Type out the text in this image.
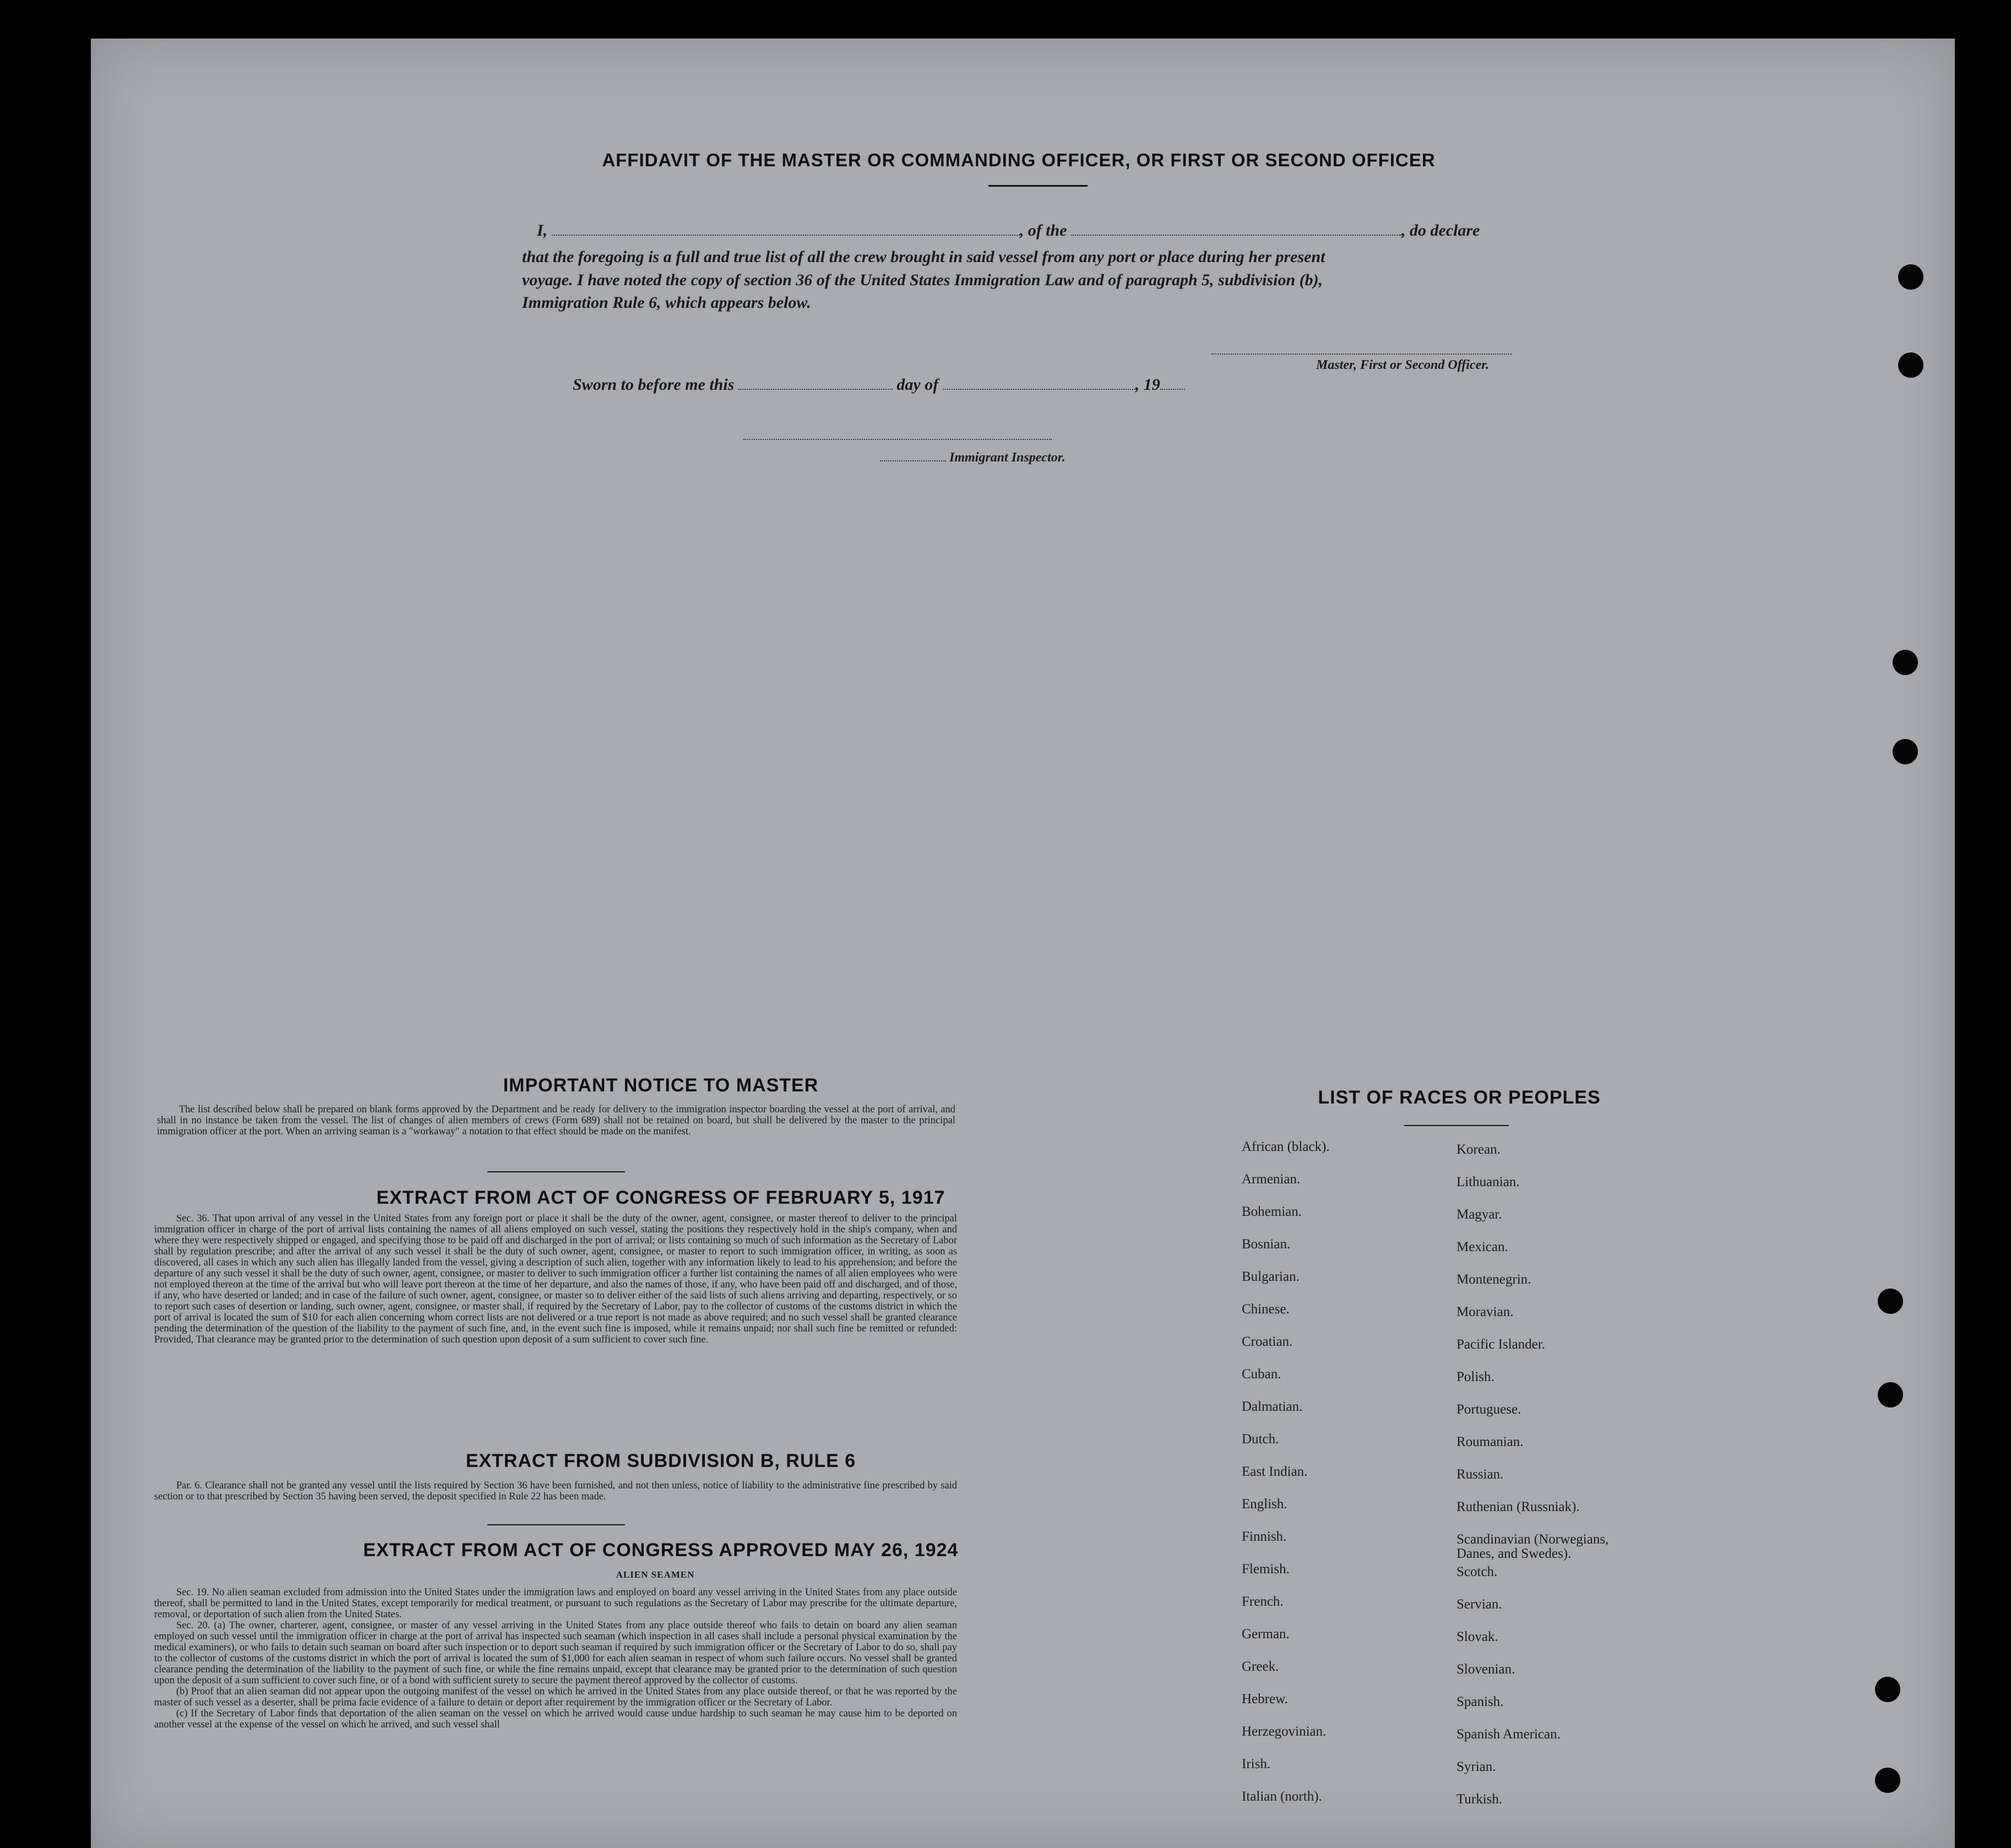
AFFIDAVIT OF THE MASTER OR COMMANDING OFFICER, OR FIRST OR SECOND OFFICER
I,	, of the	, do declare
that the foregoing is a full and true list of all the crew brought in said vessel from any port or place during her present
voyage. I have noted the copy of section 36 of the United States Immigration Law and of paragraph 5, subdivision (b),
Immigration Rule 6, which appears below.
Master, First or Second Officer.
Sworn to before me this	day of	, 19
Immigrant Inspector.
IMPORTANT NOTICE TO MASTER

The list described below shall be prepared on blank forms approved by the Department and be ready for delivery to the immigration inspector boarding the vessel at the port of arrival, and shall in no instance be taken from the vessel. The list of changes of alien members of crews (Form 689) shall not be retained on board, but shall be delivered by the master to the principal immigration officer at the port. When an arriving seaman is a "workaway" a notation to that effect should be made on the manifest.

EXTRACT FROM ACT OF CONGRESS OF FEBRUARY 5, 1917

Sec. 36. That upon arrival of any vessel in the United States from any foreign port or place it shall be the duty of the owner, agent, consignee, or master thereof to deliver to the principal immigration officer in charge of the port of arrival lists containing the names of all aliens employed on such vessel, stating the positions they respectively hold in the ship's company, when and where they were respectively shipped or engaged, and specifying those to be paid off and discharged in the port of arrival; or lists containing so much of such information as the Secretary of Labor shall by regulation prescribe; and after the arrival of any such vessel it shall be the duty of such owner, agent, consignee, or master to report to such immigration officer, in writing, as soon as discovered, all cases in which any such alien has illegally landed from the vessel, giving a description of such alien, together with any information likely to lead to his apprehension; and before the departure of any such vessel it shall be the duty of such owner, agent, consignee, or master to deliver to such immigration officer a further list containing the names of all alien employees who were not employed thereon at the time of the arrival but who will leave port thereon at the time of her departure, and also the names of those, if any, who have been paid off and discharged, and of those, if any, who have deserted or landed; and in case of the failure of such owner, agent, consignee, or master so to deliver either of the said lists of such aliens arriving and departing, respectively, or so to report such cases of desertion or landing, such owner, agent, consignee, or master shall, if required by the Secretary of Labor, pay to the collector of customs of the customs district in which the port of arrival is located the sum of $10 for each alien concerning whom correct lists are not delivered or a true report is not made as above required; and no such vessel shall be granted clearance pending the determination of the question of the liability to the payment of such fine, and, in the event such fine is imposed, while it remains unpaid; nor shall such fine be remitted or refunded: Provided, That clearance may be granted prior to the determination of such question upon deposit of a sum sufficient to cover such fine.

EXTRACT FROM SUBDIVISION B, RULE 6

Par. 6. Clearance shall not be granted any vessel until the lists required by Section 36 have been furnished, and not then unless, notice of liability to the administrative fine prescribed by said section or to that prescribed by Section 35 having been served, the deposit specified in Rule 22 has been made.

EXTRACT FROM ACT OF CONGRESS APPROVED MAY 26, 1924
ALIEN SEAMEN

Sec. 19. No alien seaman excluded from admission into the United States under the immigration laws and employed on board any vessel arriving in the United States from any place outside thereof, shall be permitted to land in the United States, except temporarily for medical treatment, or pursuant to such regulations as the Secretary of Labor may prescribe for the ultimate departure, removal, or deportation of such alien from the United States.

Sec. 20. (a) The owner, charterer, agent, consignee, or master of any vessel arriving in the United States from any place outside thereof who fails to detain on board any alien seaman employed on such vessel until the immigration officer in charge at the port of arrival has inspected such seaman (which inspection in all cases shall include a personal physical examination by the medical examiners), or who fails to detain such seaman on board after such inspection or to deport such seaman if required by such immigration officer or the Secretary of Labor to do so, shall pay to the collector of customs of the customs district in which the port of arrival is located the sum of $1,000 for each alien seaman in respect of whom such failure occurs. No vessel shall be granted clearance pending the determination of the liability to the payment of such fine, or while the fine remains unpaid, except that clearance may be granted prior to the determination of such question upon the deposit of a sum sufficient to cover such fine, or of a bond with sufficient surety to secure the payment thereof approved by the collector of customs.

(b) Proof that an alien seaman did not appear upon the outgoing manifest of the vessel on which he arrived in the United States from any place outside thereof, or that he was reported by the master of such vessel as a deserter, shall be prima facie evidence of a failure to detain or deport after requirement by the immigration officer or the Secretary of Labor.

(c) If the Secretary of Labor finds that deportation of the alien seaman on the vessel on which he arrived would cause undue hardship to such seaman he may cause him to be deported on another vessel at the expense of the vessel on which he arrived, and such vessel shall

LIST OF RACES OR PEOPLES
African (black).
Armenian.
Bohemian.
Bosnian.
Bulgarian.
Chinese.
Croatian.
Cuban.
Dalmatian.
Dutch.
East Indian.
English.
Finnish.
Flemish.
French.
German.
Greek.
Hebrew.
Herzegovinian.
Irish.
Italian (north).
Korean.
Lithuanian.
Magyar.
Mexican.
Montenegrin.
Moravian.
Pacific Islander.
Polish.
Portuguese.
Roumanian.
Russian.
Ruthenian (Russniak).
Scandinavian (Norwegians, Danes, and Swedes).
Scotch.
Servian.
Slovak.
Slovenian.
Spanish.
Spanish American.
Syrian.
Turkish.
